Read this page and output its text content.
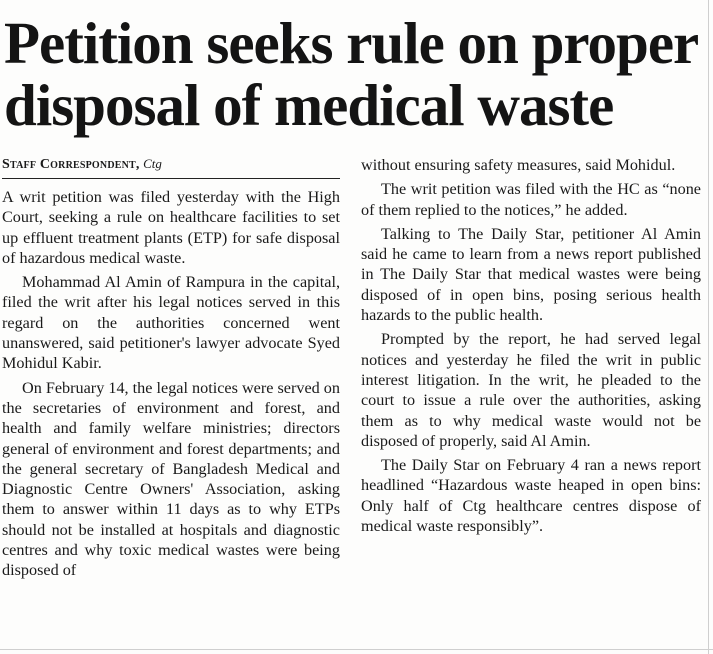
Petition seeks rule on proper
disposal of medical waste
Staff Correspondent, Ctg

A writ petition was filed yesterday with the High Court, seeking a rule on healthcare facilities to set up effluent treatment plants (ETP) for safe disposal of hazardous medical waste.

Mohammad Al Amin of Rampura in the capital, filed the writ after his legal notices served in this regard on the authorities concerned went unanswered, said petitioner's lawyer advocate Syed Mohidul Kabir.

On February 14, the legal notices were served on the secretaries of environment and forest, and health and family welfare ministries; directors general of environment and forest departments; and the general secretary of Bangladesh Medical and Diagnostic Centre Owners' Association, asking them to answer within 11 days as to why ETPs should not be installed at hospitals and diagnostic centres and why toxic medical wastes were being disposed of

without ensuring safety measures, said Mohidul.

The writ petition was filed with the HC as “none of them replied to the notices,” he added.

Talking to The Daily Star, petitioner Al Amin said he came to learn from a news report published in The Daily Star that medical wastes were being disposed of in open bins, posing serious health hazards to the public health.

Prompted by the report, he had served legal notices and yesterday he filed the writ in public interest litigation. In the writ, he pleaded to the court to issue a rule over the authorities, asking them as to why medical waste would not be disposed of properly, said Al Amin.

The Daily Star on February 4 ran a news report headlined “Hazardous waste heaped in open bins: Only half of Ctg healthcare centres dispose of medical waste responsibly”.
